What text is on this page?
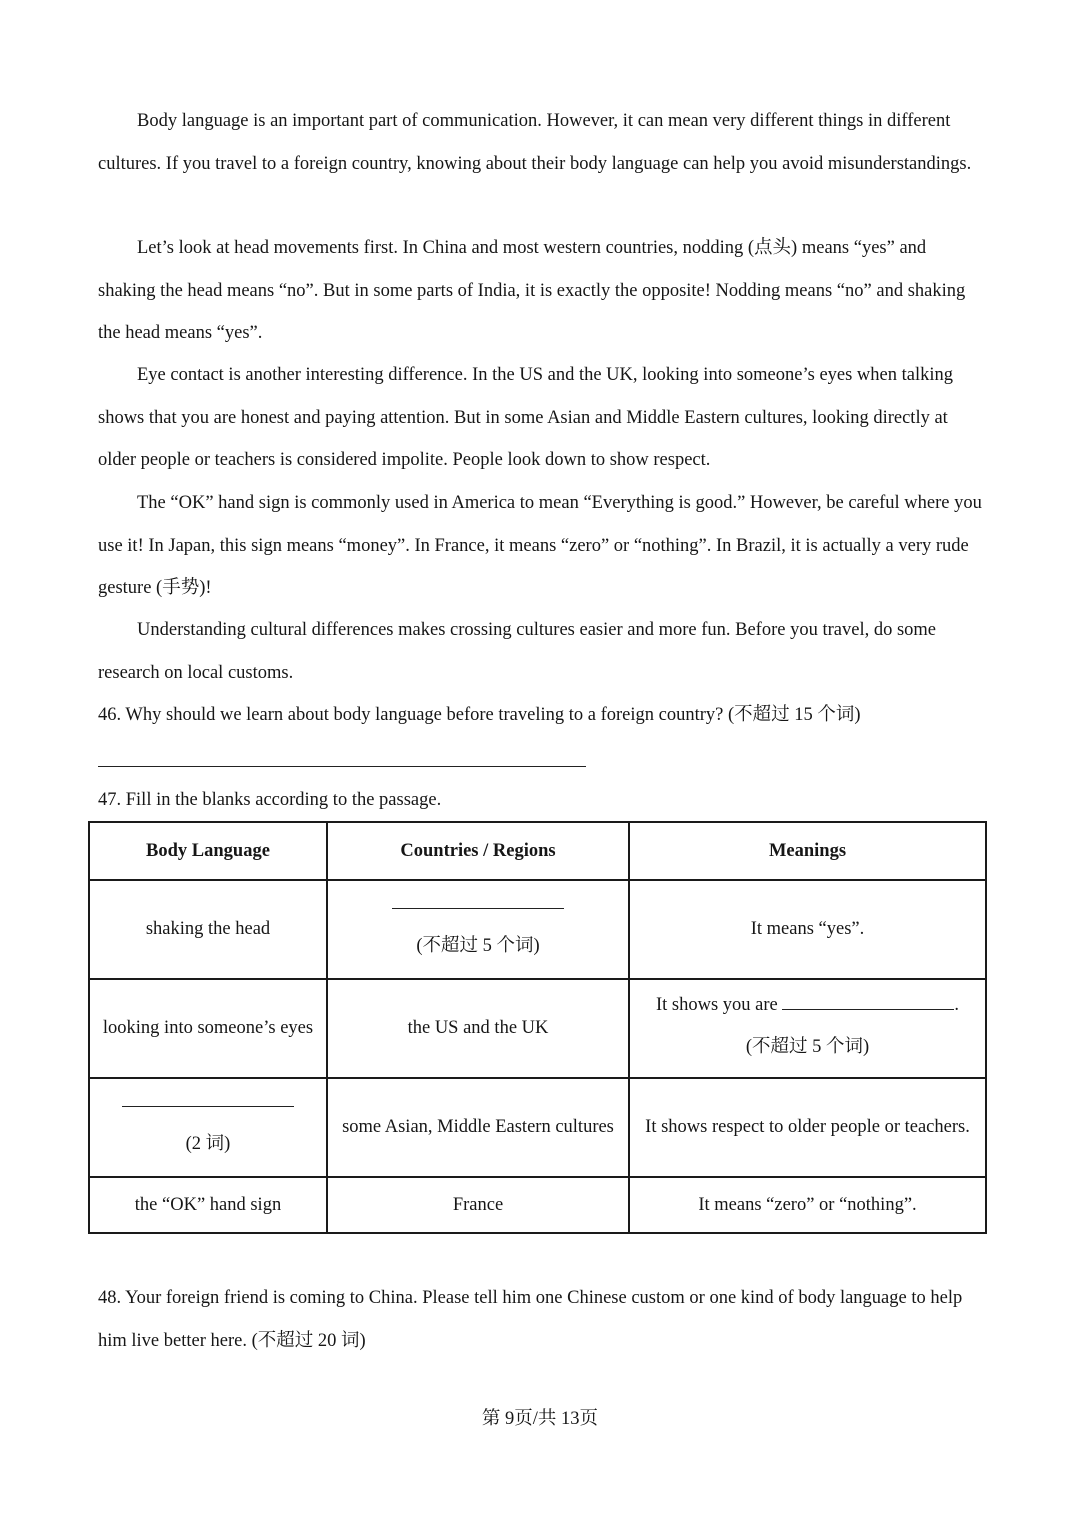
Body language is an important part of communication. However, it can mean very different things in different cultures. If you travel to a foreign country, knowing about their body language can help you avoid misunderstandings.

Let’s look at head movements first. In China and most western countries, nodding (点头) means “yes” and shaking the head means “no”. But in some parts of India, it is exactly the opposite! Nodding means “no” and shaking the head means “yes”.

Eye contact is another interesting difference. In the US and the UK, looking into someone’s eyes when talking shows that you are honest and paying attention. But in some Asian and Middle Eastern cultures, looking directly at older people or teachers is considered impolite. People look down to show respect.

The “OK” hand sign is commonly used in America to mean “Everything is good.” However, be careful where you use it! In Japan, this sign means “money”. In France, it means “zero” or “nothing”. In Brazil, it is actually a very rude gesture (手势)!

Understanding cultural differences makes crossing cultures easier and more fun. Before you travel, do some research on local customs.

46. Why should we learn about body language before traveling to a foreign country? (不超过 15 个词)

47. Fill in the blanks according to the passage.

Body Language	Countries / Regions	Meanings
shaking the head	(不超过 5 个词)	It means “yes”.
looking into someone’s eyes	the US and the UK	It shows you are .
(不超过 5 个词)

(2 词)	some Asian, Middle Eastern cultures	It shows respect to older people or teachers.
the “OK” hand sign	France	It means “zero” or “nothing”.

48. Your foreign friend is coming to China. Please tell him one Chinese custom or one kind of body language to help him live better here. (不超过 20 词)

第 9页/共 13页
